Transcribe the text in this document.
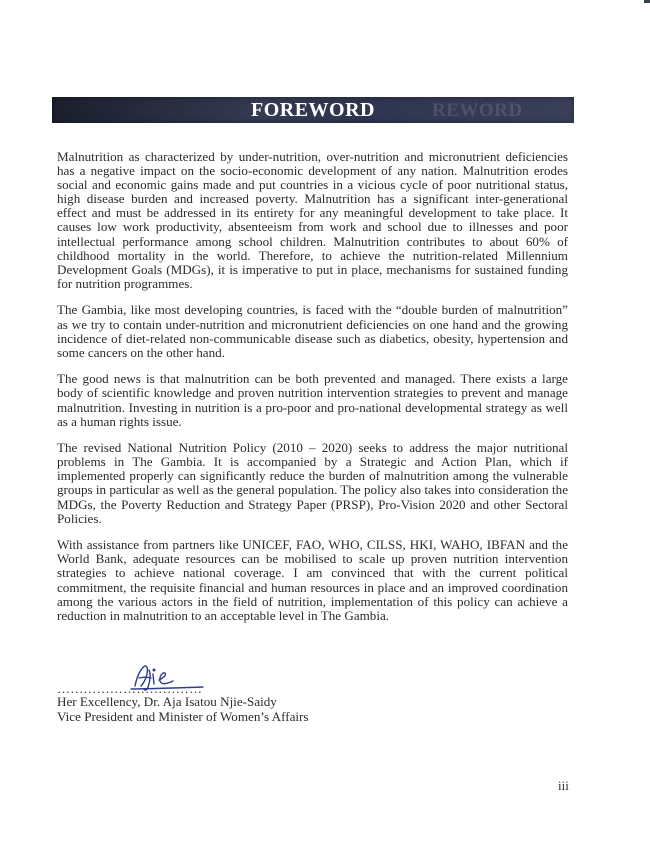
REWORD
FOREWORD

Malnutrition as characterized by under-nutrition, over-nutrition and micronutrient deficiencies has a negative impact on the socio-economic development of any nation. Malnutrition erodes social and economic gains made and put countries in a vicious cycle of poor nutritional status, high disease burden and increased poverty. Malnutrition has a significant inter-generational effect and must be addressed in its entirety for any meaningful development to take place. It causes low work productivity, absenteeism from work and school due to illnesses and poor intellectual performance among school children. Malnutrition contributes to about 60% of childhood mortality in the world. Therefore, to achieve the nutrition-related Millennium Development Goals (MDGs), it is imperative to put in place, mechanisms for sustained funding for nutrition programmes.

The Gambia, like most developing countries, is faced with the “double burden of malnutrition” as we try to contain under-nutrition and micronutrient deficiencies on one hand and the growing incidence of diet-related non-communicable disease such as diabetics, obesity, hypertension and some cancers on the other hand.

The good news is that malnutrition can be both prevented and managed. There exists a large body of scientific knowledge and proven nutrition intervention strategies to prevent and manage malnutrition. Investing in nutrition is a pro-poor and pro-national developmental strategy as well as a human rights issue.

The revised National Nutrition Policy (2010 – 2020) seeks to address the major nutritional problems in The Gambia. It is accompanied by a Strategic and Action Plan, which if implemented properly can significantly reduce the burden of malnutrition among the vulnerable groups in particular as well as the general population. The policy also takes into consideration the MDGs, the Poverty Reduction and Strategy Paper (PRSP), Pro-Vision 2020 and other Sectoral Policies.

With assistance from partners like UNICEF, FAO, WHO, CILSS, HKI, WAHO, IBFAN and the World Bank, adequate resources can be mobilised to scale up proven nutrition intervention strategies to achieve national coverage. I am convinced that with the current political commitment, the requisite financial and human resources in place and an improved coordination among the various actors in the field of nutrition, implementation of this policy can achieve a reduction in malnutrition to an acceptable level in The Gambia.

……………………………

Her Excellency, Dr. Aja Isatou Njie-Saidy

Vice President and Minister of Women’s Affairs

iii
